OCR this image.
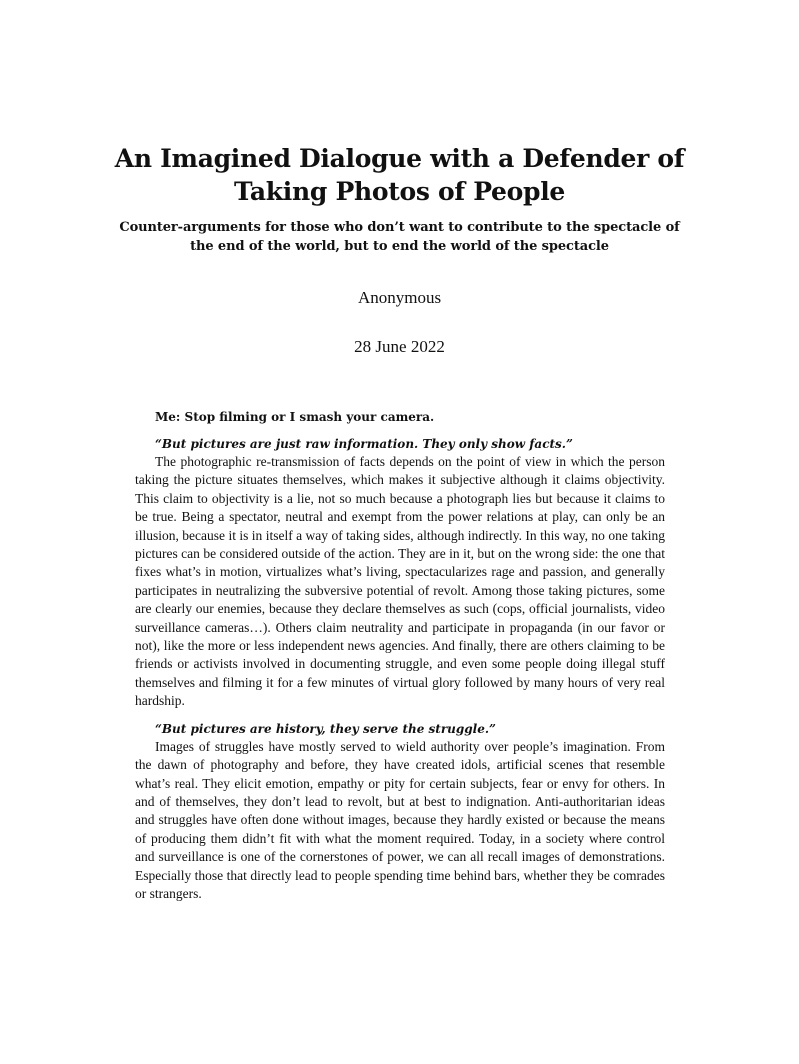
An Imagined Dialogue with a Defender of Taking Photos of People
Counter-arguments for those who don’t want to contribute to the spectacle of the end of the world, but to end the world of the spectacle
Anonymous
28 June 2022

Me: Stop filming or I smash your camera.

“But pictures are just raw information. They only show facts.”

The photographic re-transmission of facts depends on the point of view in which the person taking the picture situates themselves, which makes it subjective although it claims objectivity. This claim to objectivity is a lie, not so much because a photograph lies but because it claims to be true. Being a spectator, neutral and exempt from the power relations at play, can only be an illusion, because it is in itself a way of taking sides, although indirectly. In this way, no one taking pictures can be considered outside of the action. They are in it, but on the wrong side: the one that fixes what’s in motion, virtualizes what’s living, spectacularizes rage and passion, and generally participates in neutralizing the subversive potential of revolt. Among those taking pictures, some are clearly our enemies, because they declare themselves as such (cops, official journalists, video surveillance cameras…). Others claim neutrality and participate in propaganda (in our favor or not), like the more or less independent news agencies. And finally, there are others claiming to be friends or activists involved in documenting struggle, and even some people doing illegal stuff themselves and filming it for a few minutes of virtual glory followed by many hours of very real hardship.

“But pictures are history, they serve the struggle.”

Images of struggles have mostly served to wield authority over people’s imagination. From the dawn of photography and before, they have created idols, artificial scenes that resemble what’s real. They elicit emotion, empathy or pity for certain subjects, fear or envy for others. In and of themselves, they don’t lead to revolt, but at best to indignation. Anti-authoritarian ideas and struggles have often done without images, because they hardly existed or because the means of producing them didn’t fit with what the moment required. Today, in a society where control and surveillance is one of the cornerstones of power, we can all recall images of demonstrations. Especially those that directly lead to people spending time behind bars, whether they be comrades or strangers.
